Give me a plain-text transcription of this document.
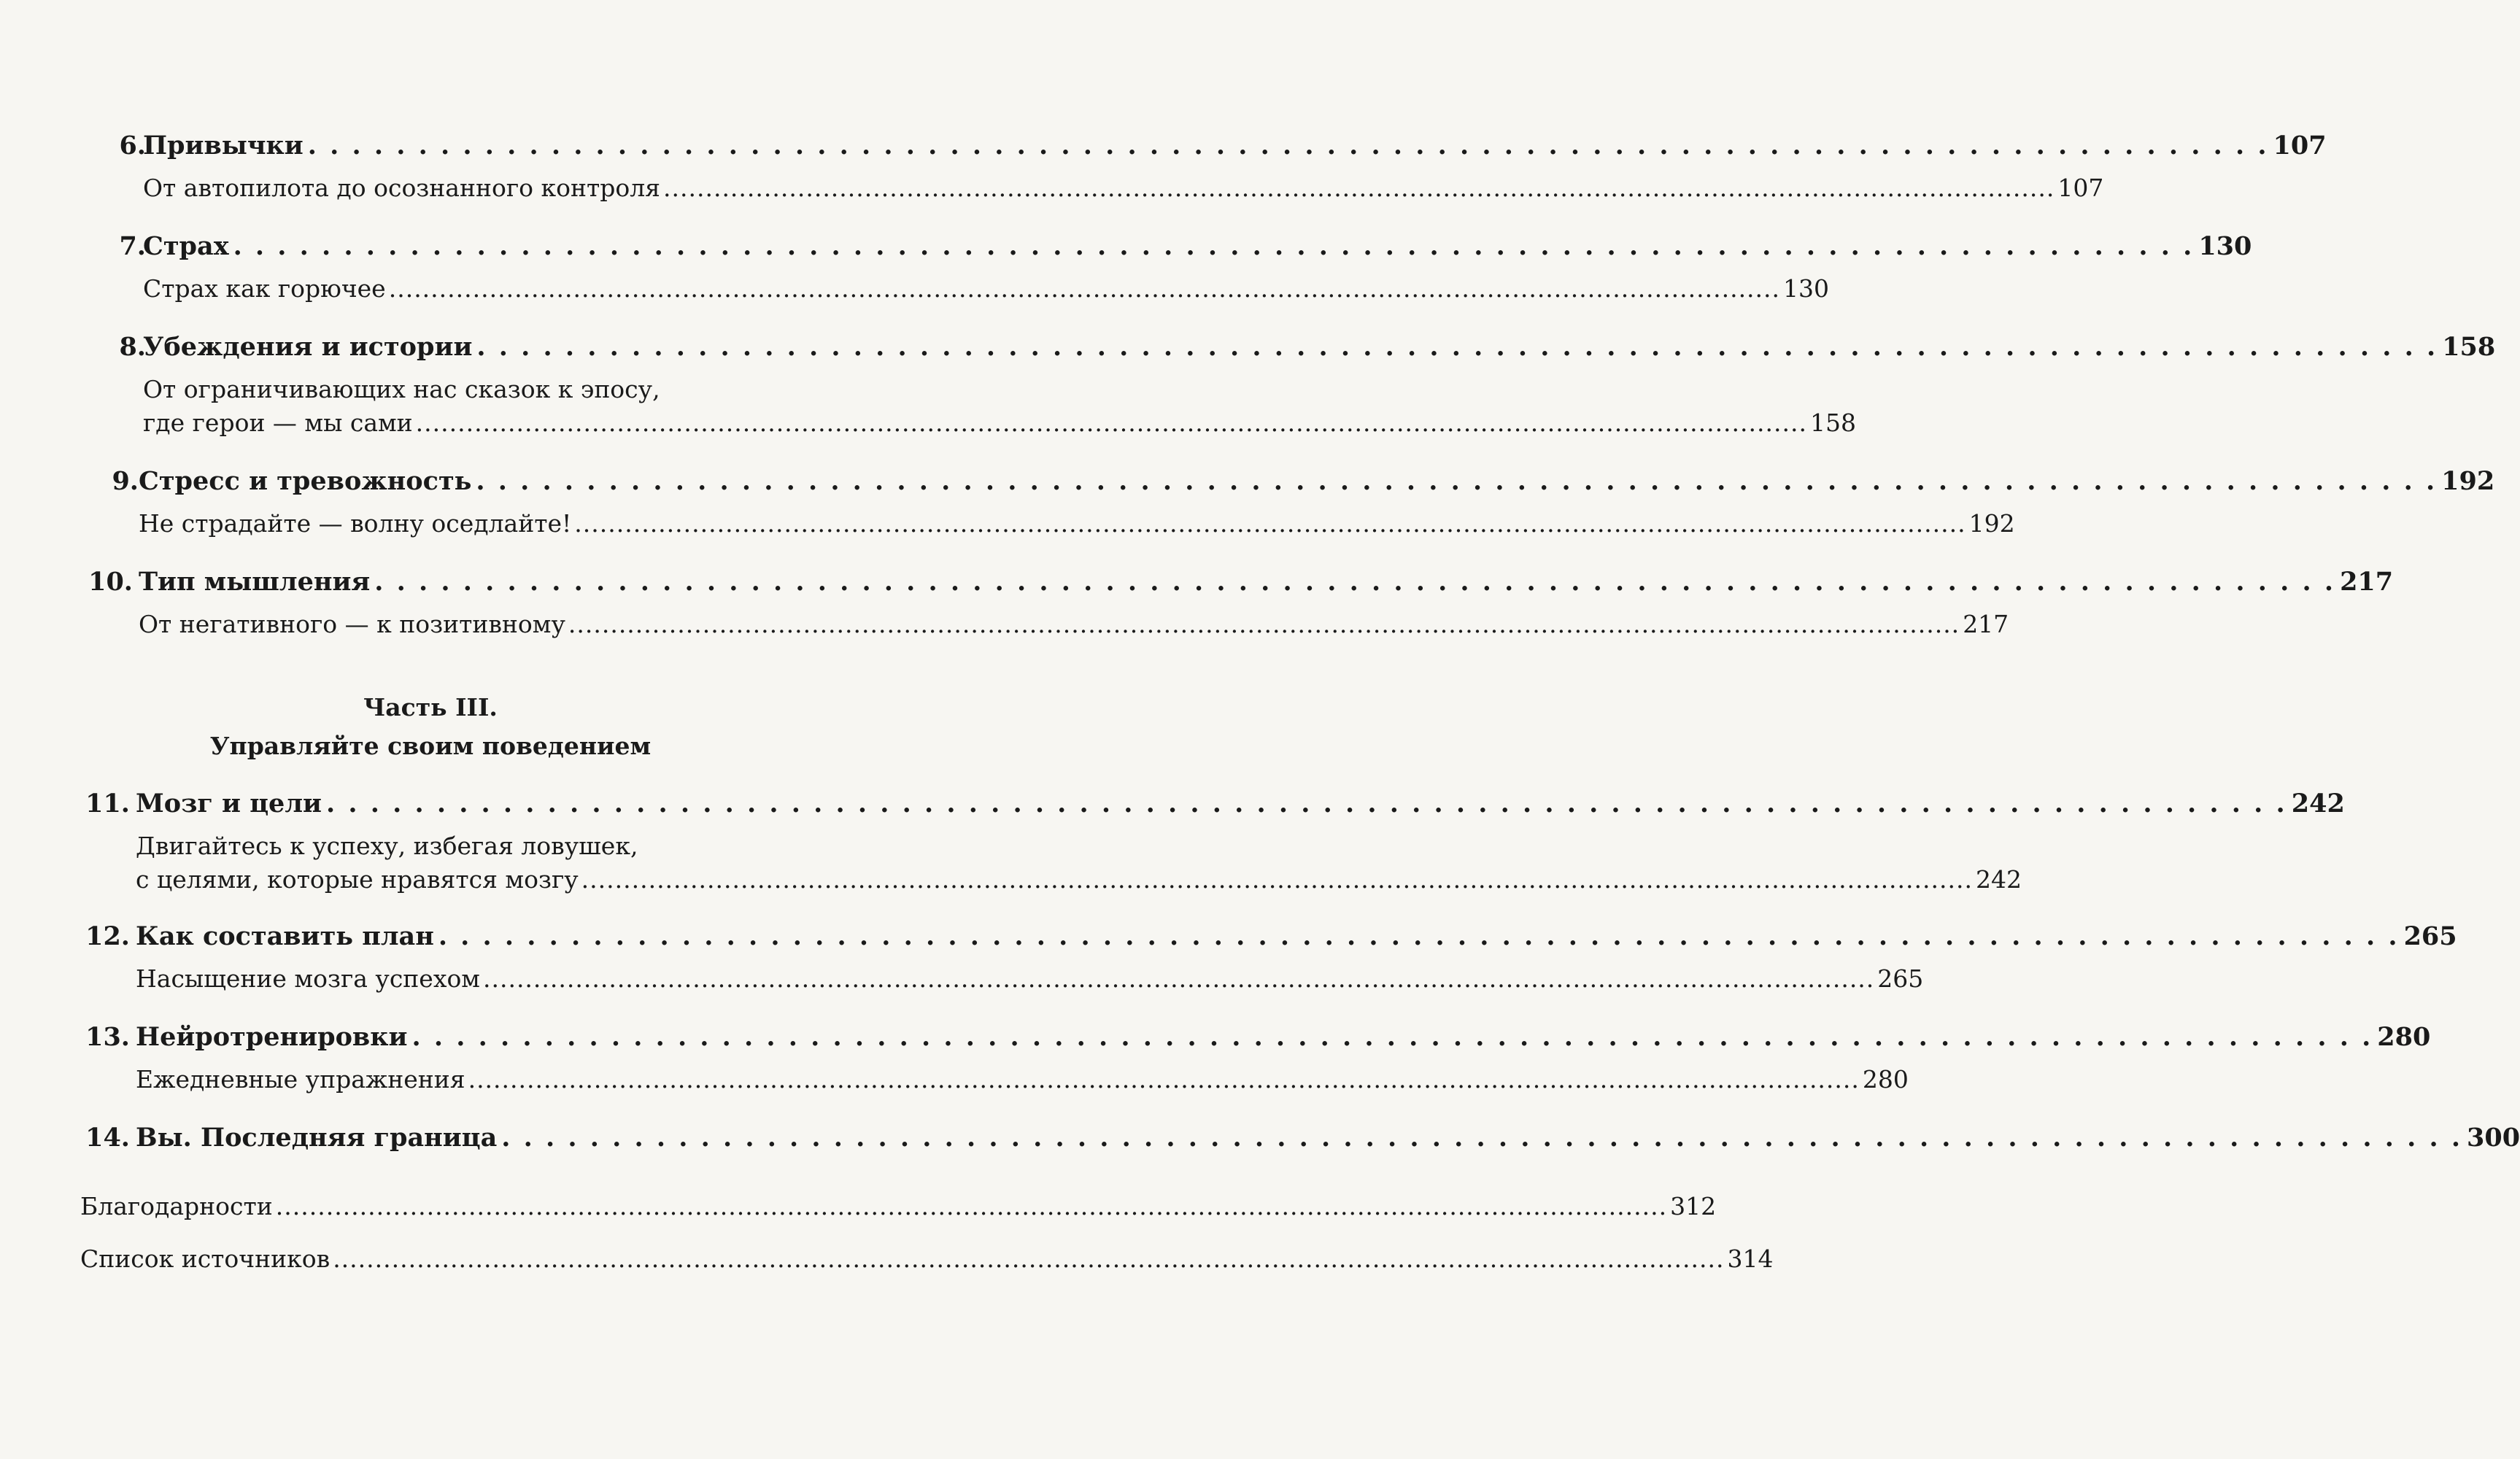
6.
Привычки . . . . . . . . . . . . . . . . . . . . . . . . . . . . . . . . . . . . . . . . . . . . . . . . . . . . . . . . . . . . . . . . . . . . . . . . . . . . . . . . . . . . . . . . . 107
От автопилота до осознанного контроля ...................................................................................................................................................................... 107
7.
Страх . . . . . . . . . . . . . . . . . . . . . . . . . . . . . . . . . . . . . . . . . . . . . . . . . . . . . . . . . . . . . . . . . . . . . . . . . . . . . . . . . . . . . . . . . 130
Страх как горючее ...................................................................................................................................................................... 130
8.
Убеждения и истории . . . . . . . . . . . . . . . . . . . . . . . . . . . . . . . . . . . . . . . . . . . . . . . . . . . . . . . . . . . . . . . . . . . . . . . . . . . . . . . . . . . . . . . . . 158
От ограничивающих нас сказок к эпосу,
где герои — мы сами ...................................................................................................................................................................... 158
9. Стресс и тревожность . . . . . . . . . . . . . . . . . . . . . . . . . . . . . . . . . . . . . . . . . . . . . . . . . . . . . . . . . . . . . . . . . . . . . . . . . . . . . . . . . . . . . . . . . 192
Не страдайте — волну оседлайте! ...................................................................................................................................................................... 192
10. Тип мышления . . . . . . . . . . . . . . . . . . . . . . . . . . . . . . . . . . . . . . . . . . . . . . . . . . . . . . . . . . . . . . . . . . . . . . . . . . . . . . . . . . . . . . . . . 217
От негативного — к позитивному ...................................................................................................................................................................... 217
Часть III.
Управляйте своим поведением
11. Мозг и цели . . . . . . . . . . . . . . . . . . . . . . . . . . . . . . . . . . . . . . . . . . . . . . . . . . . . . . . . . . . . . . . . . . . . . . . . . . . . . . . . . . . . . . . . . 242
Двигайтесь к успеху, избегая ловушек,
с целями, которые нравятся мозгу ...................................................................................................................................................................... 242
12. Как составить план . . . . . . . . . . . . . . . . . . . . . . . . . . . . . . . . . . . . . . . . . . . . . . . . . . . . . . . . . . . . . . . . . . . . . . . . . . . . . . . . . . . . . . . . . 265
Насыщение мозга успехом ...................................................................................................................................................................... 265
13. Нейротренировки . . . . . . . . . . . . . . . . . . . . . . . . . . . . . . . . . . . . . . . . . . . . . . . . . . . . . . . . . . . . . . . . . . . . . . . . . . . . . . . . . . . . . . . . . 280
Ежедневные упражнения ...................................................................................................................................................................... 280
14. Вы. Последняя граница . . . . . . . . . . . . . . . . . . . . . . . . . . . . . . . . . . . . . . . . . . . . . . . . . . . . . . . . . . . . . . . . . . . . . . . . . . . . . . . . . . . . . . . . . 300
Благодарности ...................................................................................................................................................................... 312
Список источников ...................................................................................................................................................................... 314
